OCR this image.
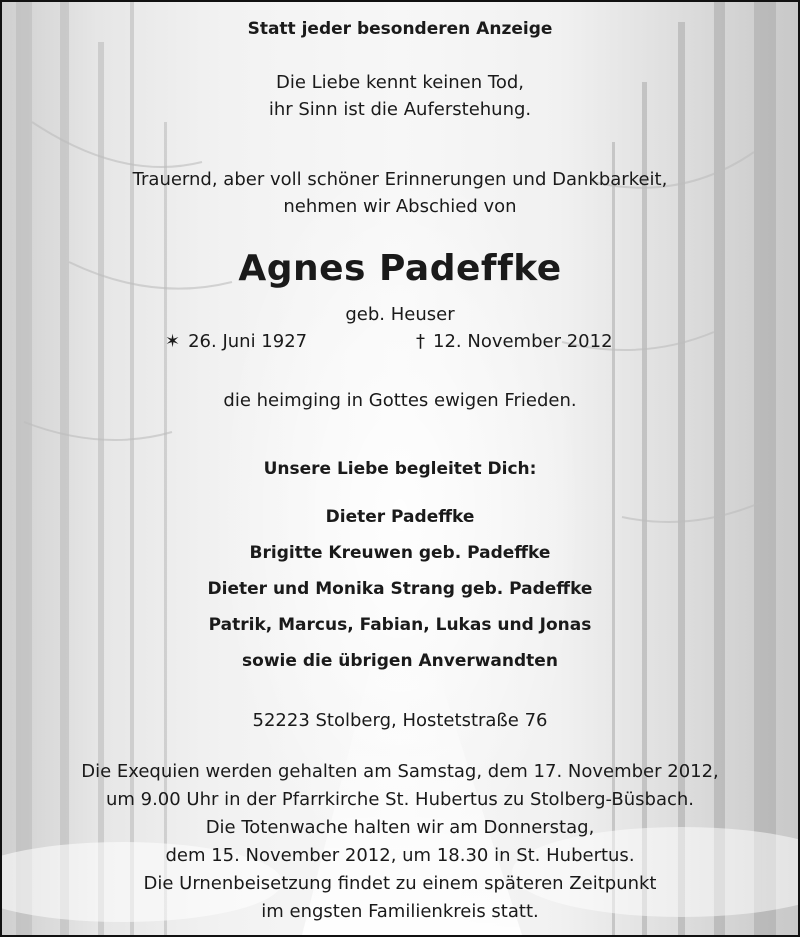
Statt jeder besonderen Anzeige
Die Liebe kennt keinen Tod,
ihr Sinn ist die Auferstehung.
Trauernd, aber voll schöner Erinnerungen und Dankbarkeit,
nehmen wir Abschied von
Agnes Padeffke
geb. Heuser
✶ 26. Juni 1927	† 12. November 2012
die heimging in Gottes ewigen Frieden.
Unsere Liebe begleitet Dich:
Dieter Padeffke
Brigitte Kreuwen geb. Padeffke
Dieter und Monika Strang geb. Padeffke
Patrik, Marcus, Fabian, Lukas und Jonas
sowie die übrigen Anverwandten
52223 Stolberg, Hostetstraße 76
Die Exequien werden gehalten am Samstag, dem 17. November 2012,
um 9.00 Uhr in der Pfarrkirche St. Hubertus zu Stolberg-Büsbach.
Die Totenwache halten wir am Donnerstag,
dem 15. November 2012, um 18.30 in St. Hubertus.
Die Urnenbeisetzung findet zu einem späteren Zeitpunkt
im engsten Familienkreis statt.
